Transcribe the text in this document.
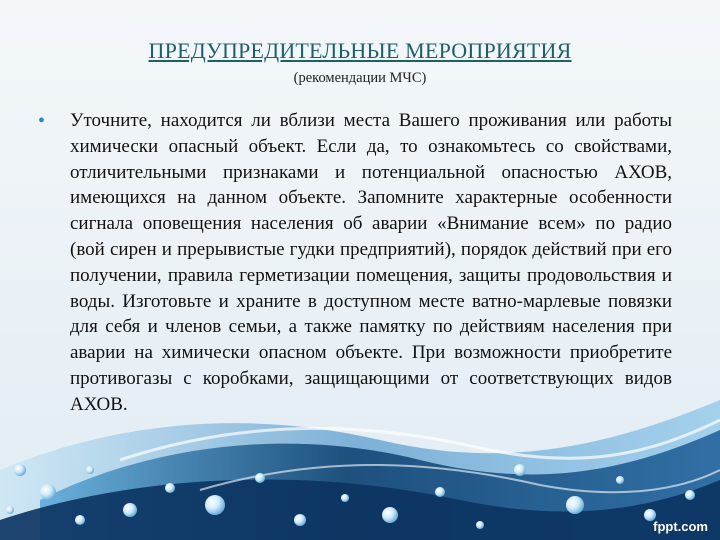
ПРЕДУПРЕДИТЕЛЬНЫЕ МЕРОПРИЯТИЯ
(рекомендации МЧС)
• Уточните, находится ли вблизи места Вашего проживания или работы химически опасный объект. Если да, то ознакомьтесь со свойствами, отличительными признаками и потенциальной опасностью АХОВ, имеющихся на данном объекте. Запомните характерные особенности сигнала оповещения населения об аварии «Внимание всем» по радио (вой сирен и прерывистые гудки предприятий), порядок действий при его получении, правила герметизации помещения, защиты продовольствия и воды. Изготовьте и храните в доступном месте ватно-марлевые повязки для себя и членов семьи, а также памятку по действиям населения при аварии на химически опасном объекте. При возможности приобретите противогазы с коробками, защищающими от соответствующих видов АХОВ.
fppt.com
